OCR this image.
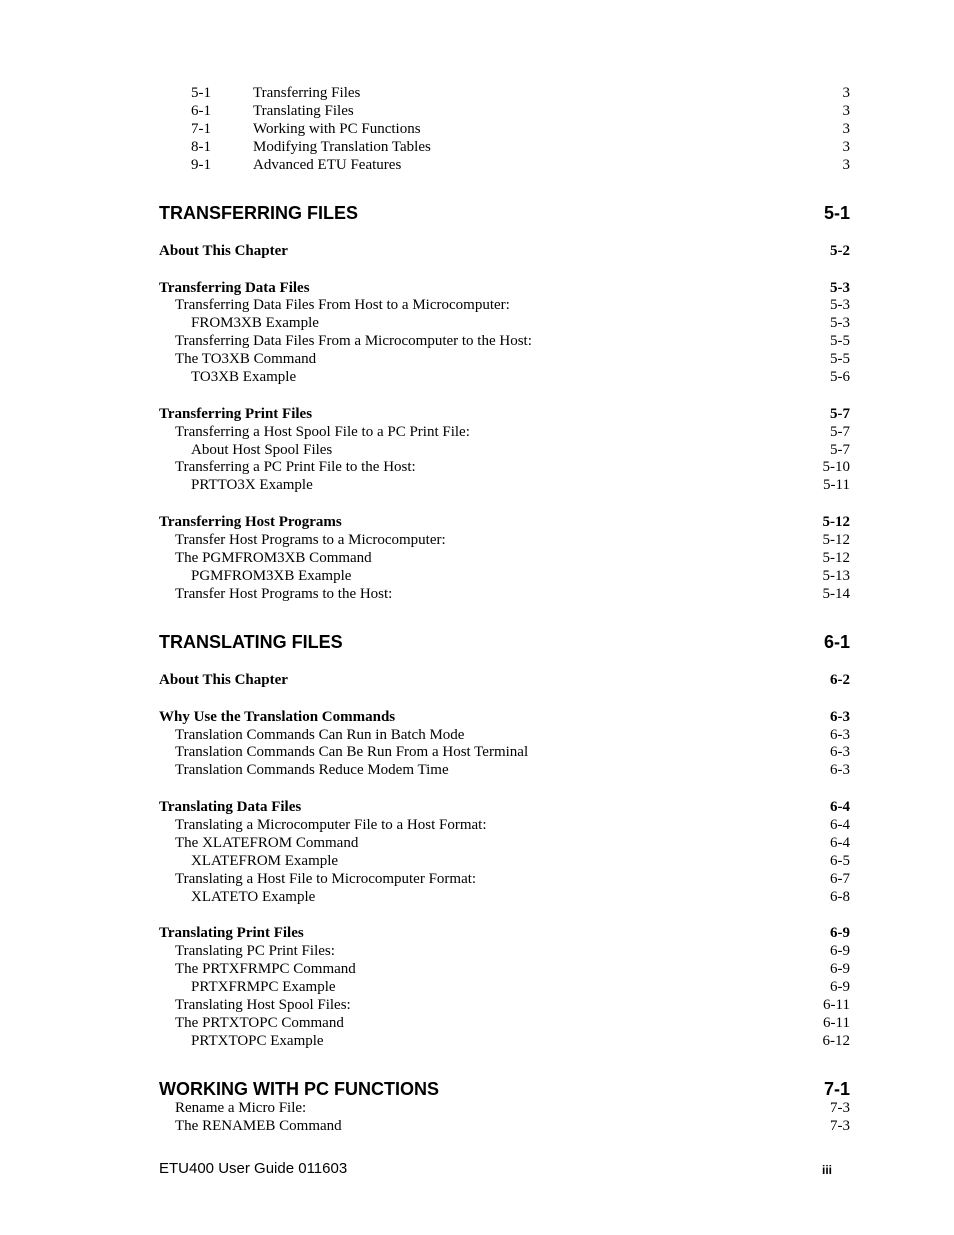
5-1	Transferring Files	3
6-1	Translating Files	3
7-1	Working with PC Functions	3
8-1	Modifying Translation Tables	3
9-1	Advanced ETU Features	3
TRANSFERRING FILES	5-1
About This Chapter	5-2
Transferring Data Files	5-3
Transferring Data Files From Host to a Microcomputer:	5-3
FROM3XB Example	5-3
Transferring Data Files From a Microcomputer to the Host:	5-5
The TO3XB Command	5-5
TO3XB Example	5-6
Transferring Print Files	5-7
Transferring a Host Spool File to a PC Print File:	5-7
About Host Spool Files	5-7
Transferring a PC Print File to the Host:	5-10
PRTTO3X Example	5-11
Transferring Host Programs	5-12
Transfer Host Programs to a Microcomputer:	5-12
The PGMFROM3XB Command	5-12
PGMFROM3XB Example	5-13
Transfer Host Programs to the Host:	5-14
TRANSLATING FILES	6-1
About This Chapter	6-2
Why Use the Translation Commands	6-3
Translation Commands Can Run in Batch Mode	6-3
Translation Commands Can Be Run From a Host Terminal	6-3
Translation Commands Reduce Modem Time	6-3
Translating Data Files	6-4
Translating a Microcomputer File to a Host Format:	6-4
The XLATEFROM Command	6-4
XLATEFROM Example	6-5
Translating a Host File to Microcomputer Format:	6-7
XLATETO Example	6-8
Translating Print Files	6-9
Translating PC Print Files:	6-9
The PRTXFRMPC Command	6-9
PRTXFRMPC Example	6-9
Translating Host Spool Files:	6-11
The PRTXTOPC Command	6-11
PRTXTOPC Example	6-12
WORKING WITH PC FUNCTIONS	7-1
Rename a Micro File:	7-3
The RENAMEB Command	7-3
ETU400 User Guide 011603	iii
